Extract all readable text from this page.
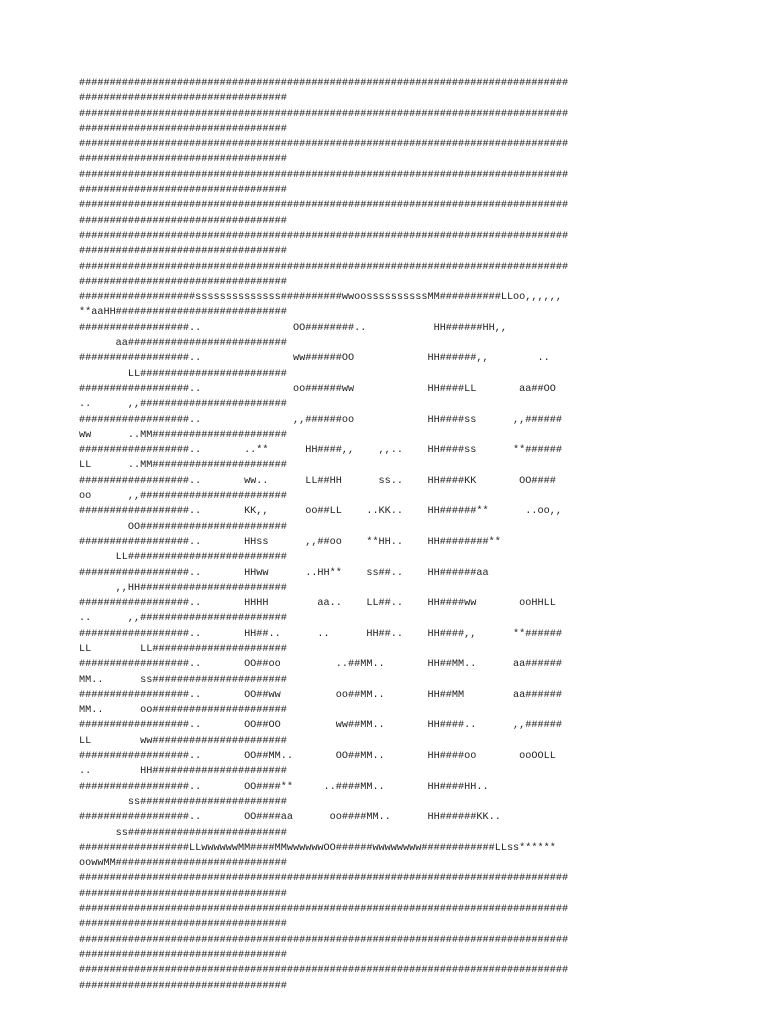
################################################################################
##################################
################################################################################
##################################
################################################################################
##################################
################################################################################
##################################
################################################################################
##################################
################################################################################
##################################
################################################################################
##################################
###################ssssssssssssss##########wwoossssssssssMM##########LLoo,,,,,,
**aaHH############################
##################..               OO########..           HH######HH,,
aa##########################
##################..               ww######OO            HH######,,        ..
LL########################
##################..               oo######ww            HH####LL       aa##OO
..      ,,########################
##################..               ,,######oo            HH####ss      ,,######
ww      ..MM######################
##################..       ..**      HH####,,    ,,..    HH####ss      **######
LL      ..MM######################
##################..       ww..      LL##HH      ss..    HH####KK       OO####
oo      ,,########################
##################..       KK,,      oo##LL    ..KK..    HH######**      ..oo,,
OO########################
##################..       HHss      ,,##oo    **HH..    HH########**
LL##########################
##################..       HHww      ..HH**    ss##..    HH######aa
,,HH########################
##################..       HHHH        aa..    LL##..    HH####ww       ooHHLL
..      ,,########################
##################..       HH##..      ..      HH##..    HH####,,      **######
LL        LL######################
##################..       OO##oo         ..##MM..       HH##MM..      aa######
MM..      ss######################
##################..       OO##ww         oo##MM..       HH##MM        aa######
MM..      oo######################
##################..       OO##OO         ww##MM..       HH####..      ,,######
LL        ww######################
##################..       OO##MM..       OO##MM..       HH####oo       ooOOLL
..        HH######################
##################..       OO####**     ..####MM..       HH####HH..
ss########################
##################..       OO####aa      oo####MM..      HH######KK..
ss##########################
##################LLwwwwwwMM####MMwwwwwwOO######wwwwwwww############LLss******
oowwMM############################
################################################################################
##################################
################################################################################
##################################
################################################################################
##################################
################################################################################
##################################
